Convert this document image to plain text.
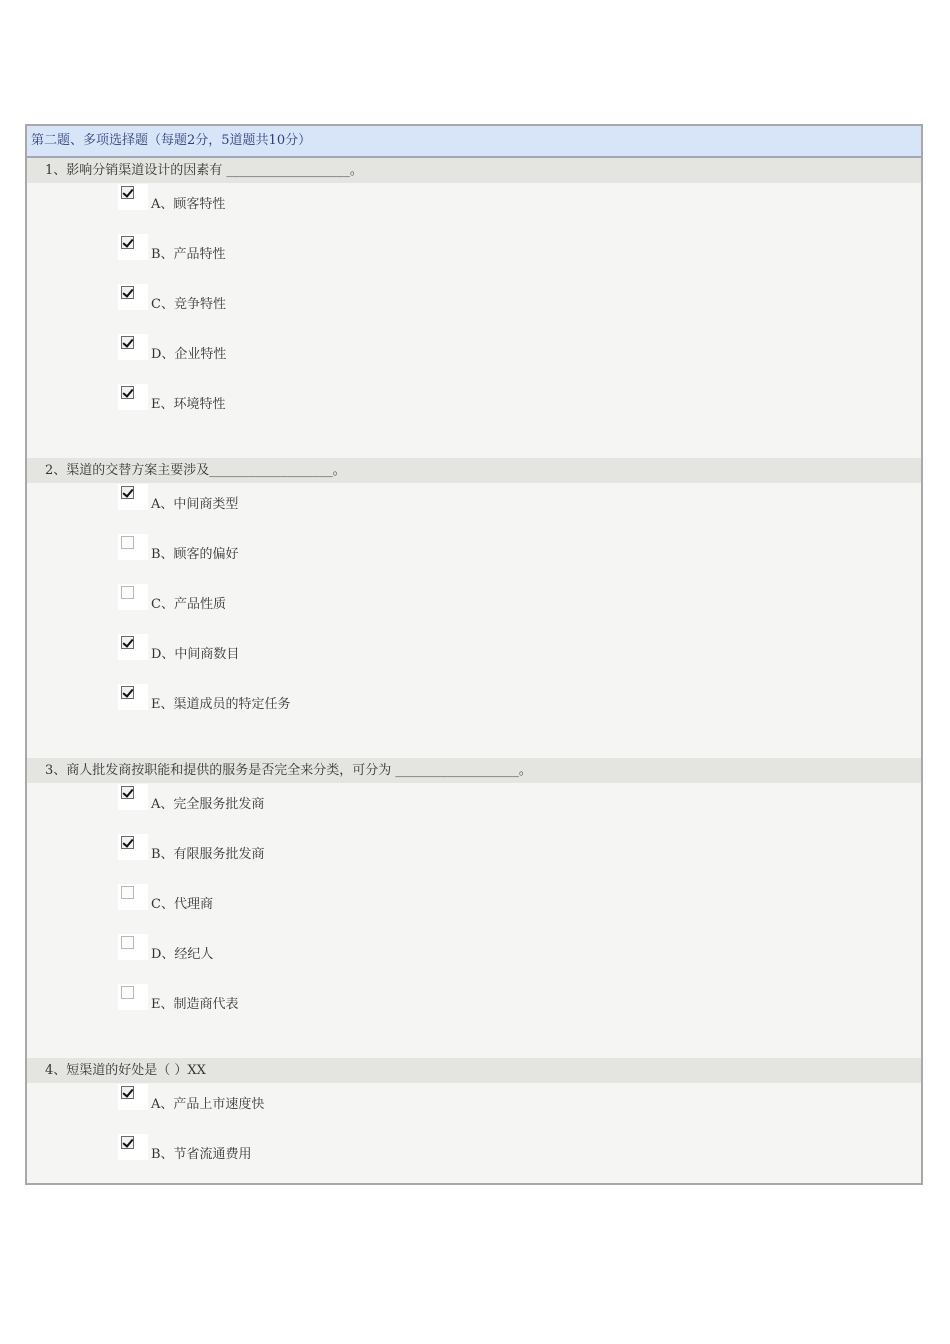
第二题、多项选择题（每题2分，5道题共10分）
1、影响分销渠道设计的因素有 ___________________。
A、顾客特性
B、产品特性
C、竞争特性
D、企业特性
E、环境特性
2、渠道的交替方案主要涉及___________________。
A、中间商类型
B、顾客的偏好
C、产品性质
D、中间商数目
E、渠道成员的特定任务
3、商人批发商按职能和提供的服务是否完全来分类，可分为 ___________________。
A、完全服务批发商
B、有限服务批发商
C、代理商
D、经纪人
E、制造商代表
4、短渠道的好处是（ ）XX
A、产品上市速度快
B、节省流通费用
